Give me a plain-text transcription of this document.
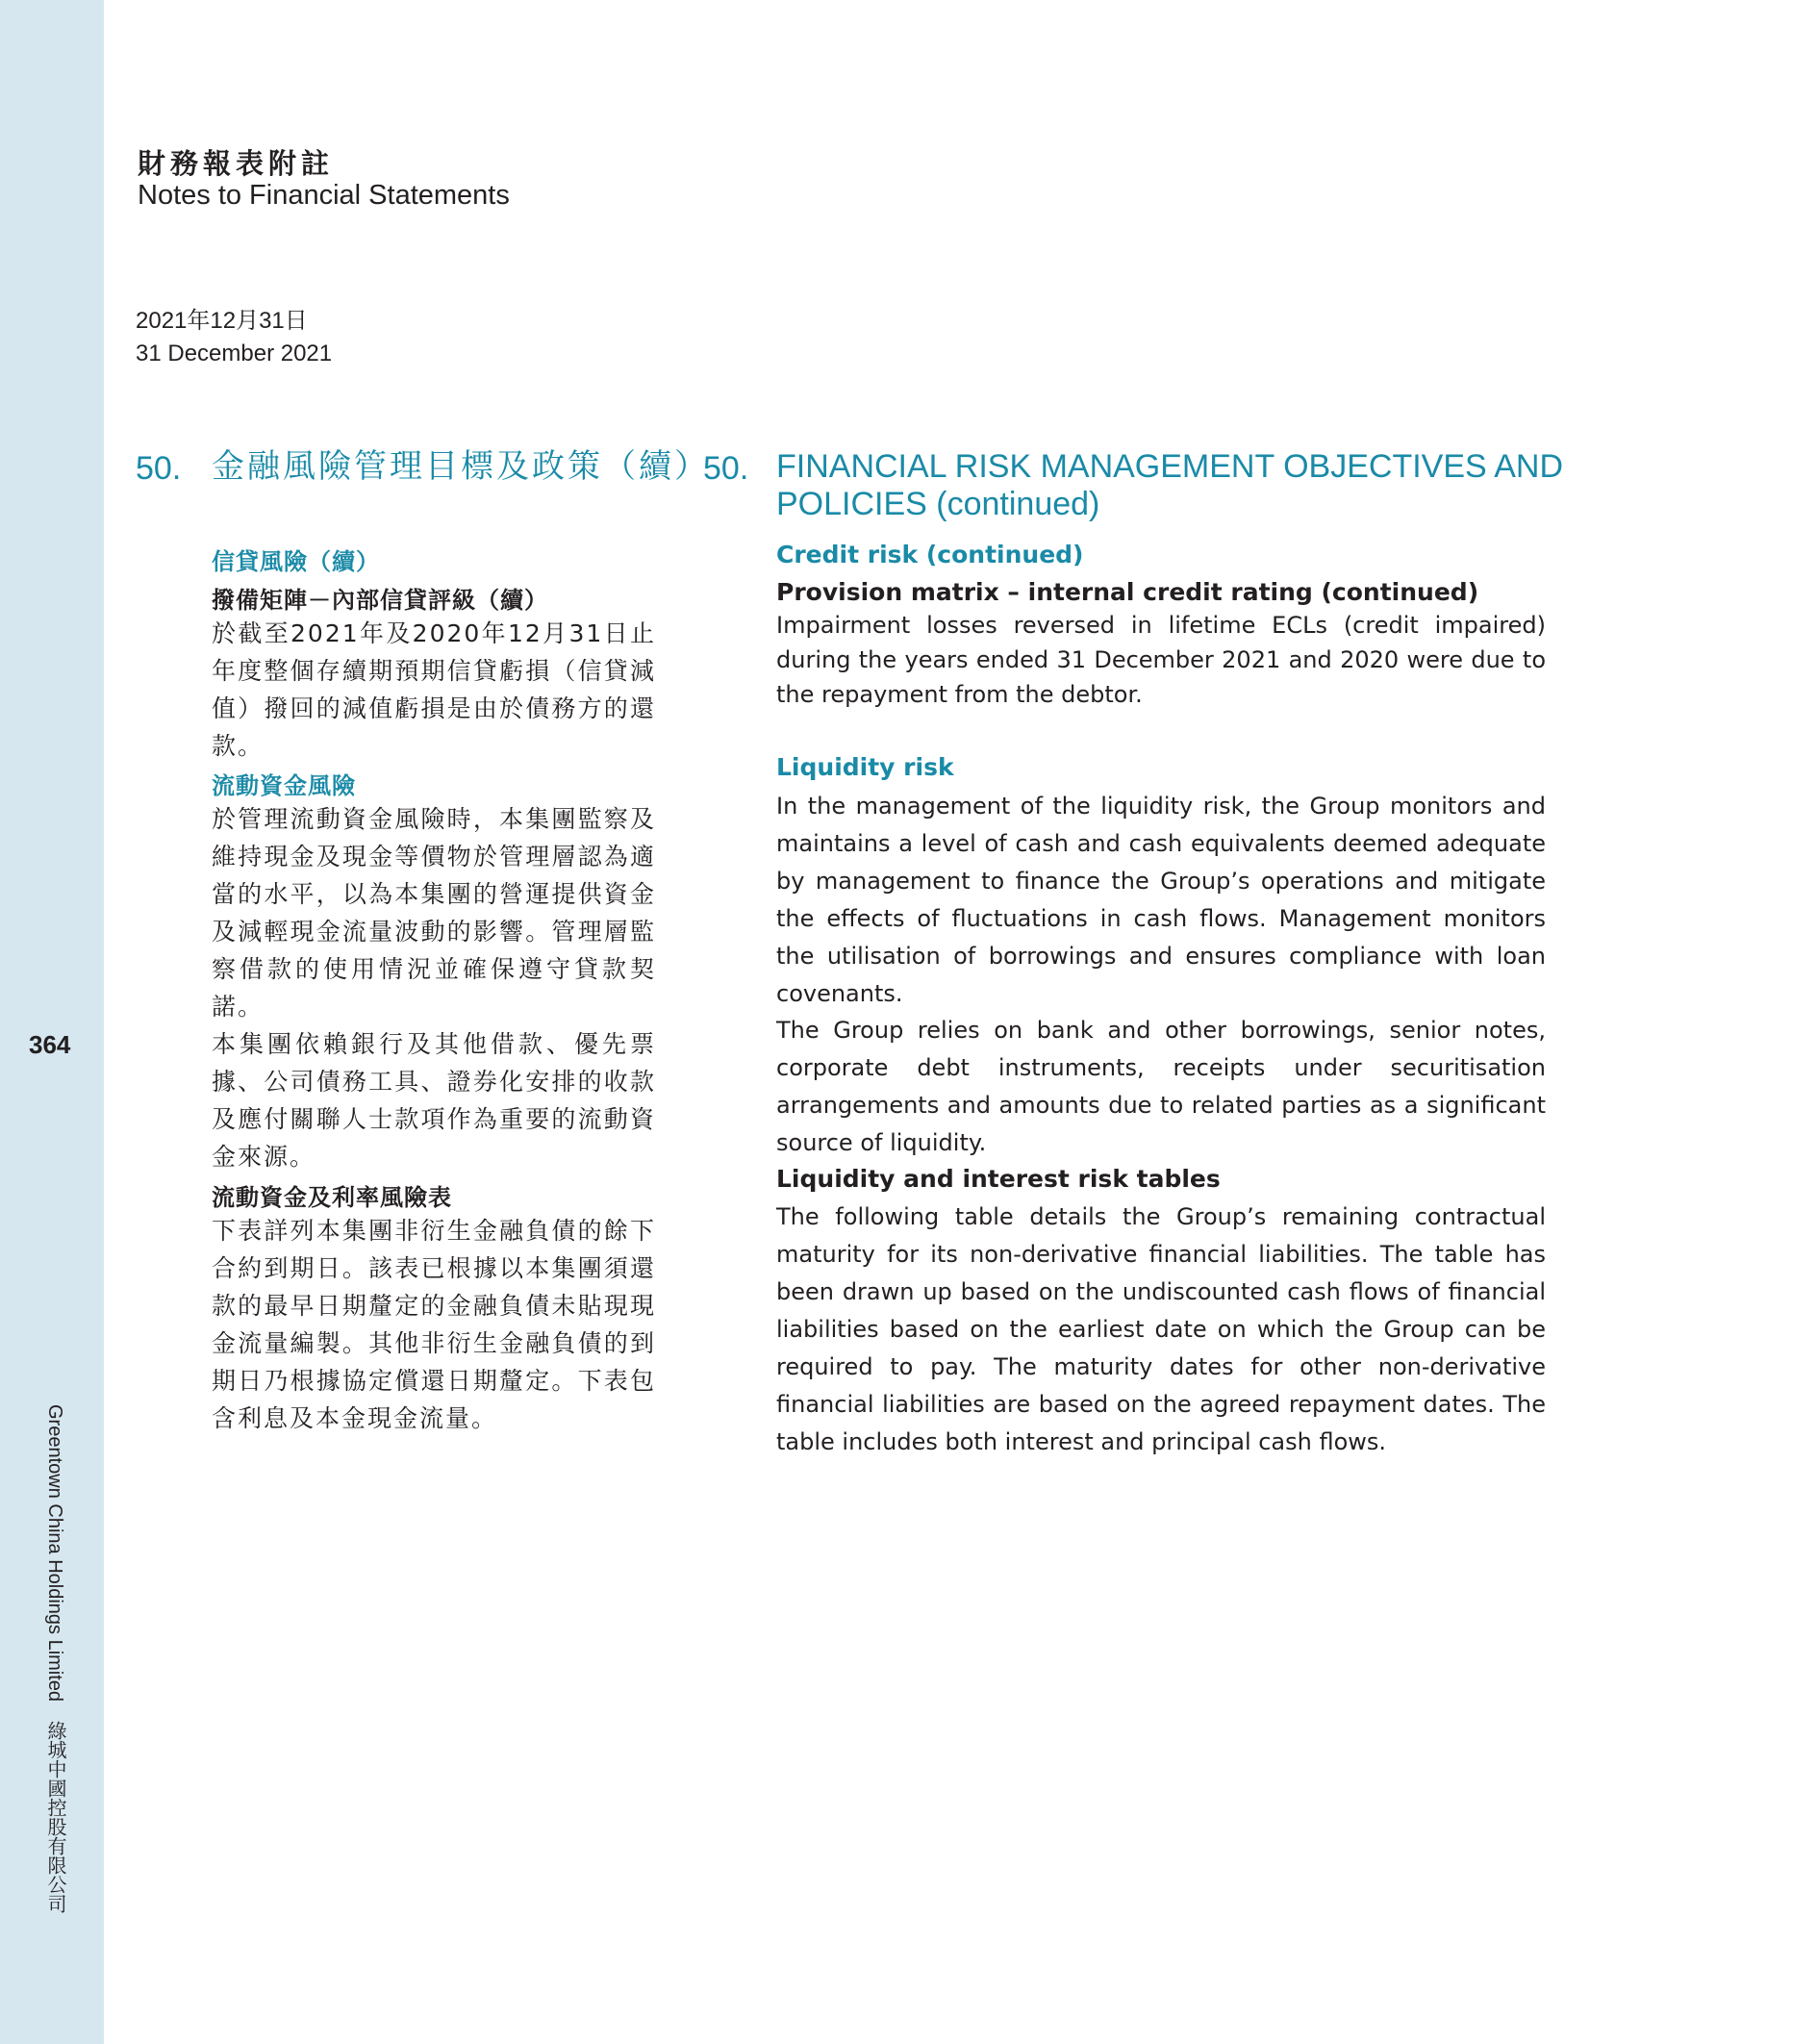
364
Greentown China Holdings Limited　綠城中國控股有限公司
財務報表附註
Notes to Financial Statements
2021年12月31日
31 December 2021
50. 金融風險管理目標及政策（續）
信貸風險（續）
撥備矩陣－內部信貸評級（續）

於截至2021年及2020年12月31日止年度整個存續期預期信貸虧損（信貸減值）撥回的減值虧損是由於債務方的還款。

流動資金風險

於管理流動資金風險時，本集團監察及維持現金及現金等價物於管理層認為適當的水平，以為本集團的營運提供資金及減輕現金流量波動的影響。管理層監察借款的使用情況並確保遵守貸款契諾。

本集團依賴銀行及其他借款、優先票據、公司債務工具、證券化安排的收款及應付關聯人士款項作為重要的流動資金來源。

流動資金及利率風險表

下表詳列本集團非衍生金融負債的餘下合約到期日。該表已根據以本集團須還款的最早日期釐定的金融負債未貼現現金流量編製。其他非衍生金融負債的到期日乃根據協定償還日期釐定。下表包含利息及本金現金流量。

50. FINANCIAL RISK MANAGEMENT OBJECTIVES AND
POLICIES (continued)
Credit risk (continued)
Provision matrix – internal credit rating (continued)

Impairment losses reversed in lifetime ECLs (credit impaired) during the years ended 31 December 2021 and 2020 were due to the repayment from the debtor.

Liquidity risk

In the management of the liquidity risk, the Group monitors and maintains a level of cash and cash equivalents deemed adequate by management to finance the Group’s operations and mitigate the effects of fluctuations in cash flows. Management monitors the utilisation of borrowings and ensures compliance with loan covenants.

The Group relies on bank and other borrowings, senior notes, corporate debt instruments, receipts under securitisation arrangements and amounts due to related parties as a significant source of liquidity.

Liquidity and interest risk tables

The following table details the Group’s remaining contractual maturity for its non-derivative financial liabilities. The table has been drawn up based on the undiscounted cash flows of financial liabilities based on the earliest date on which the Group can be required to pay. The maturity dates for other non-derivative financial liabilities are based on the agreed repayment dates. The table includes both interest and principal cash flows.
